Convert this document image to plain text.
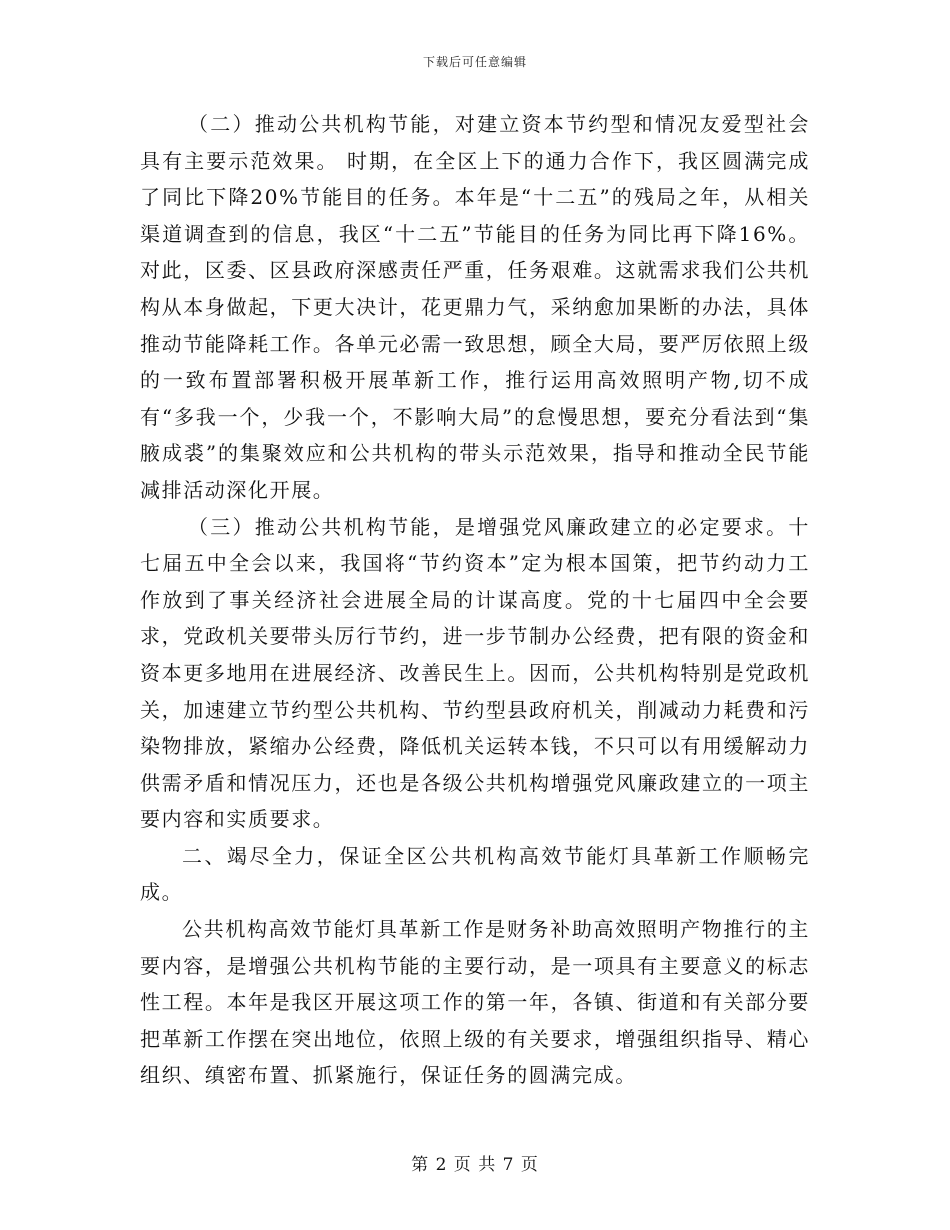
下载后可任意编辑

（二）推动公共机构节能，对建立资本节约型和情况友爱型社会具有主要示范效果。 时期，在全区上下的通力合作下，我区圆满完成了同比下降20%节能目的任务。本年是“十二五”的残局之年，从相关渠道调查到的信息，我区“十二五”节能目的任务为同比再下降16%。对此，区委、区县政府深感责任严重，任务艰难。这就需求我们公共机构从本身做起，下更大决计，花更鼎力气，采纳愈加果断的办法，具体推动节能降耗工作。各单元必需一致思想，顾全大局，要严厉依照上级的一致布置部署积极开展革新工作，推行运用高效照明产物,切不成有“多我一个，少我一个，不影响大局”的怠慢思想，要充分看法到“集腋成裘”的集聚效应和公共机构的带头示范效果，指导和推动全民节能减排活动深化开展。

（三）推动公共机构节能，是增强党风廉政建立的必定要求。十七届五中全会以来，我国将“节约资本”定为根本国策，把节约动力工作放到了事关经济社会进展全局的计谋高度。党的十七届四中全会要求，党政机关要带头厉行节约，进一步节制办公经费，把有限的资金和资本更多地用在进展经济、改善民生上。因而，公共机构特别是党政机关，加速建立节约型公共机构、节约型县政府机关，削减动力耗费和污染物排放，紧缩办公经费，降低机关运转本钱，不只可以有用缓解动力供需矛盾和情况压力，还也是各级公共机构增强党风廉政建立的一项主要内容和实质要求。

二、竭尽全力，保证全区公共机构高效节能灯具革新工作顺畅完成。

公共机构高效节能灯具革新工作是财务补助高效照明产物推行的主要内容，是增强公共机构节能的主要行动，是一项具有主要意义的标志性工程。本年是我区开展这项工作的第一年，各镇、街道和有关部分要把革新工作摆在突出地位，依照上级的有关要求，增强组织指导、精心组织、缜密布置、抓紧施行，保证任务的圆满完成。

第 2 页 共 7 页
